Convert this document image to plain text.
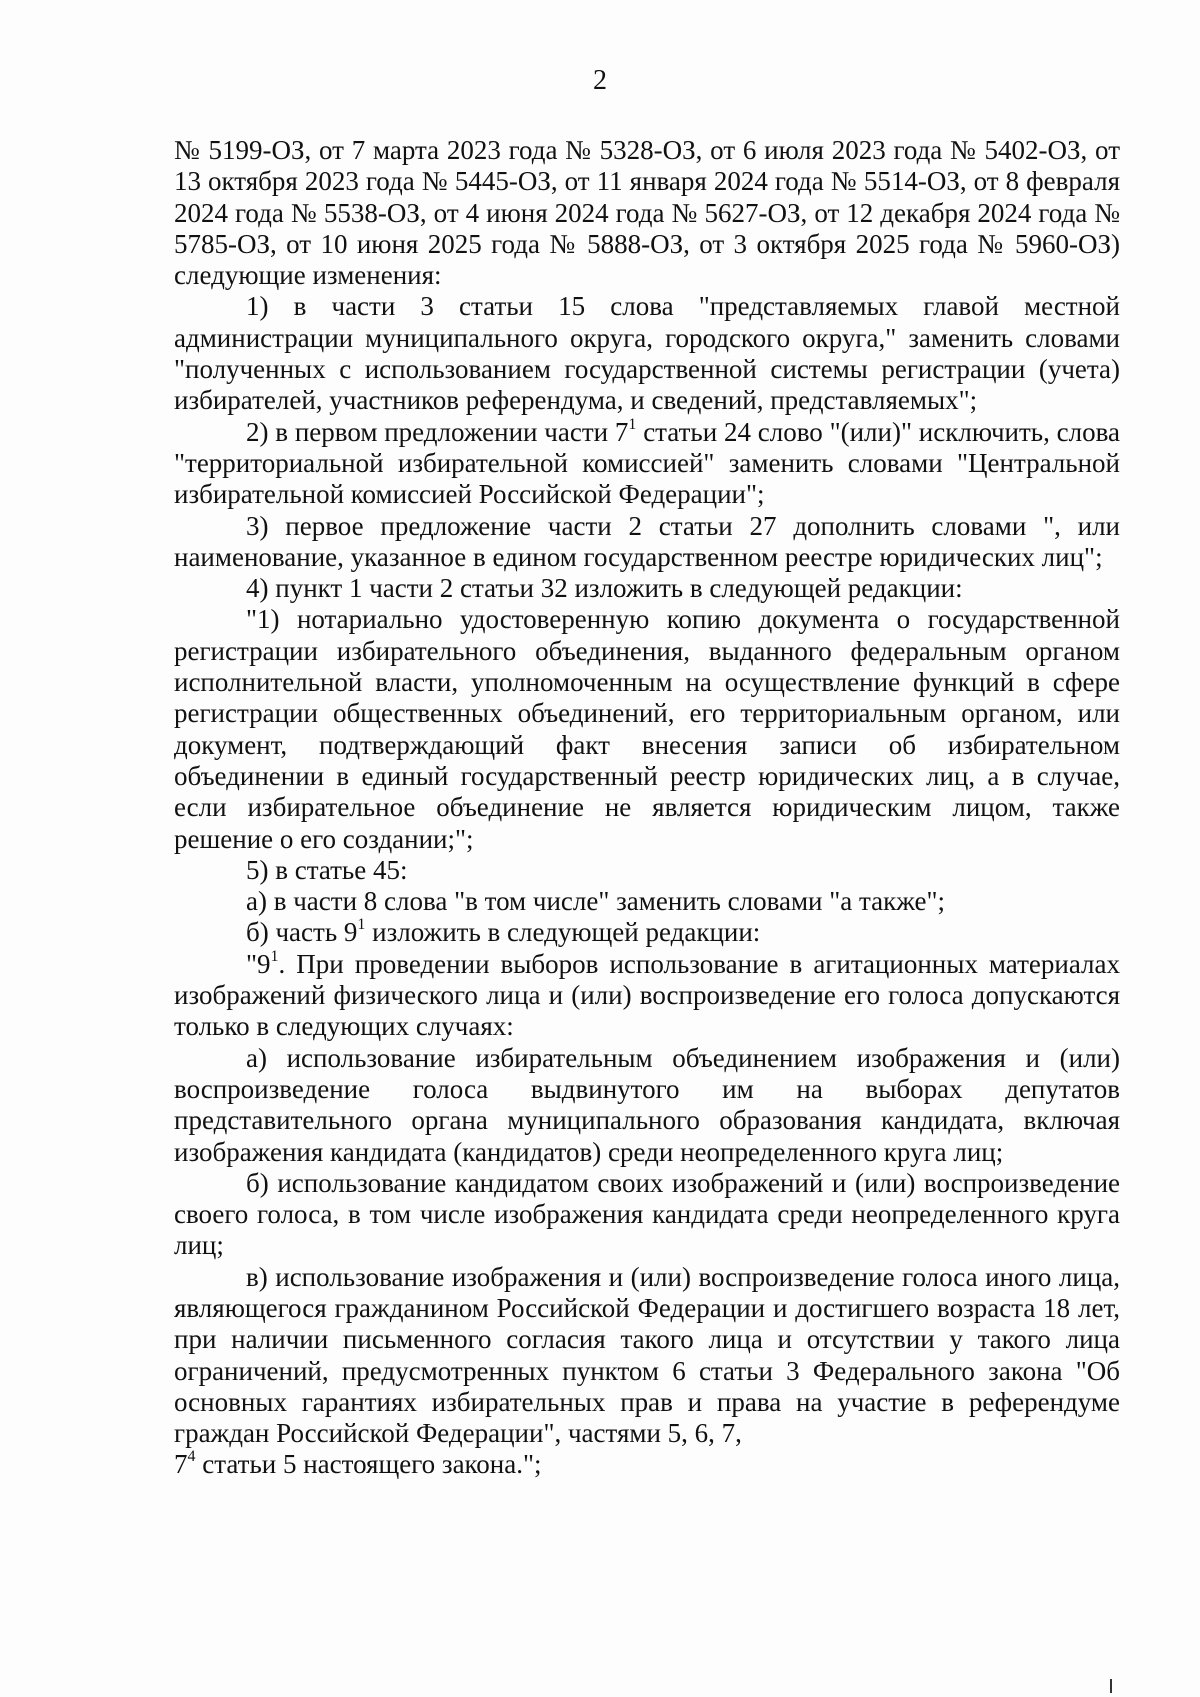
2

№ 5199-ОЗ, от 7 марта 2023 года № 5328-ОЗ, от 6 июля 2023 года № 5402-ОЗ, от 13 октября 2023 года № 5445-ОЗ, от 11 января 2024 года № 5514-ОЗ, от 8 февраля 2024 года № 5538-ОЗ, от 4 июня 2024 года № 5627-ОЗ, от 12 декабря 2024 года № 5785-ОЗ, от 10 июня 2025 года № 5888-ОЗ, от 3 октября 2025 года № 5960-ОЗ) следующие изменения:

1) в части 3 статьи 15 слова "представляемых главой местной администрации муниципального округа, городского округа," заменить словами "полученных с использованием государственной системы регистрации (учета) избирателей, участников референдума, и сведений, представляемых";

2) в первом предложении части $7^1$ статьи 24 слово "(или)" исключить, слова "территориальной избирательной комиссией" заменить словами "Центральной избирательной комиссией Российской Федерации";

3) первое предложение части 2 статьи 27 дополнить словами ", или наименование, указанное в едином государственном реестре юридических лиц";

4) пункт 1 части 2 статьи 32 изложить в следующей редакции:

"1) нотариально удостоверенную копию документа о государственной регистрации избирательного объединения, выданного федеральным органом исполнительной власти, уполномоченным на осуществление функций в сфере регистрации общественных объединений, его территориальным органом, или документ, подтверждающий факт внесения записи об избирательном объединении в единый государственный реестр юридических лиц, а в случае, если избирательное объединение не является юридическим лицом, также решение о его создании;";

5) в статье 45:

а) в части 8 слова "в том числе" заменить словами "а также";

б) часть $9^1$ изложить в следующей редакции:

"$9^1$. При проведении выборов использование в агитационных материалах изображений физического лица и (или) воспроизведение его голоса допускаются только в следующих случаях:

а) использование избирательным объединением изображения и (или) воспроизведение голоса выдвинутого им на выборах депутатов представительного органа муниципального образования кандидата, включая изображения кандидата (кандидатов) среди неопределенного круга лиц;

б) использование кандидатом своих изображений и (или) воспроизведение своего голоса, в том числе изображения кандидата среди неопределенного круга лиц;

в) использование изображения и (или) воспроизведение голоса иного лица, являющегося гражданином Российской Федерации и достигшего возраста 18 лет, при наличии письменного согласия такого лица и отсутствии у такого лица ограничений, предусмотренных пунктом 6 статьи 3 Федерального закона "Об основных гарантиях избирательных прав и права на участие в референдуме граждан Российской Федерации", частями 5, 6, 7,

$7^4$ статьи 5 настоящего закона.";
